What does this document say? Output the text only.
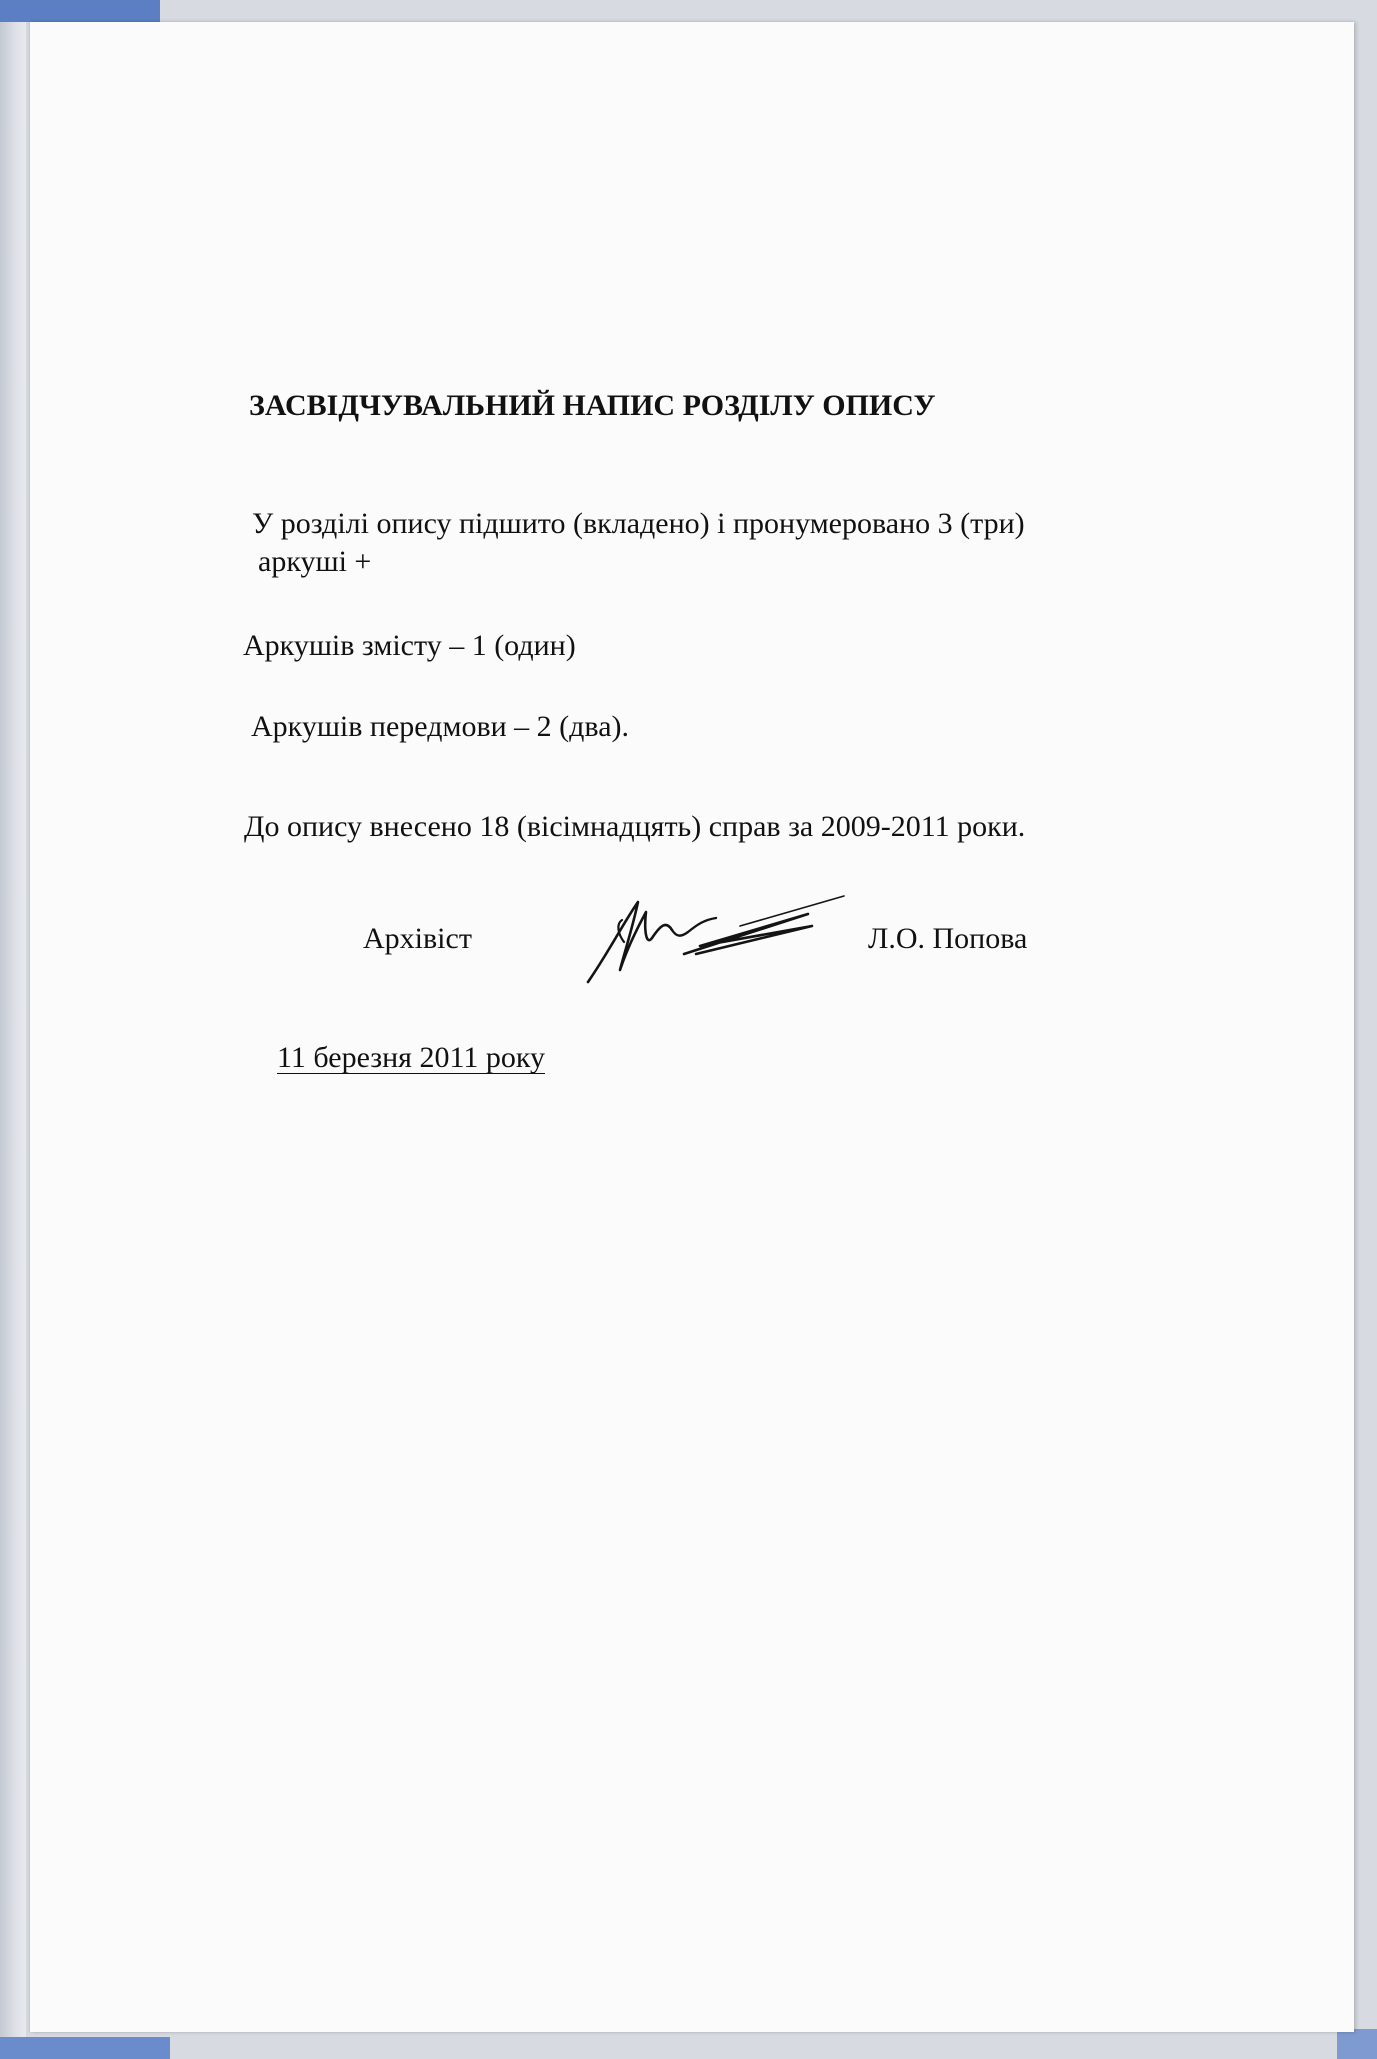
ЗАСВІДЧУВАЛЬНИЙ НАПИС РОЗДІЛУ ОПИСУ
У розділі опису підшито (вкладено) і пронумеровано 3 (три)
аркуші +
Аркушів змісту – 1 (один)
Аркушів передмови – 2 (два).
До опису внесено 18 (вісімнадцять) справ за 2009-2011 роки.
Архівіст	Л.О. Попова
11 березня 2011 року
